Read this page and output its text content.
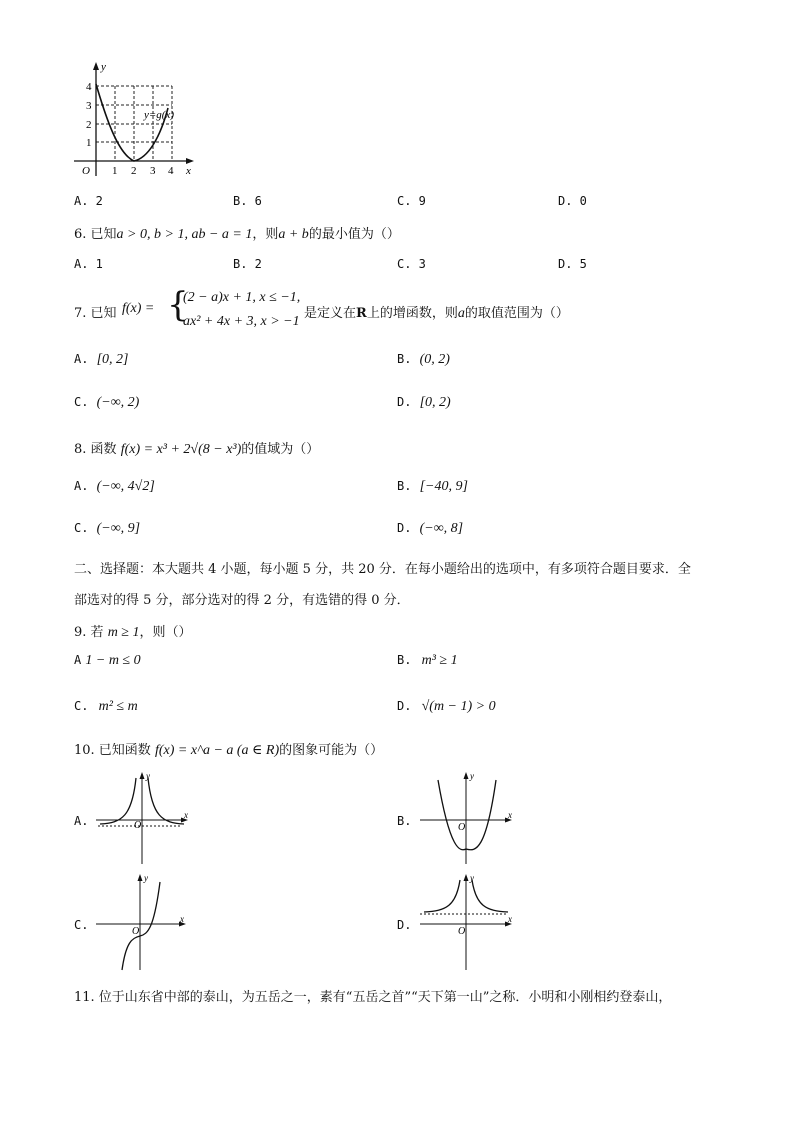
y
x
O
y=g(x)
1
2
3
4
1 2 3 4
A. 2	B. 6	C. 9	D. 0
6. 已知a > 0, b > 1, ab − a = 1，则a + b的最小值为（）
A. 1	B. 2	C. 3	D. 5
7. 已知 f(x) = {
(2 − a)x + 1, x ≤ −1,
ax² + 4x + 3, x > −1
是定义在R上的增函数，则a的取值范围为（）
A. [0, 2]	B. (0, 2)
C. (−∞, 2)	D. [0, 2)
8. 函数 f(x) = x³ + 2√(8 − x³)的值域为（）
A. (−∞, 4√2]	B. [−40, 9]
C. (−∞, 9]	D. (−∞, 8]
二、选择题：本大题共 4 小题，每小题 5 分，共 20 分．在每小题给出的选项中，有多项符合题目要求．全
部选对的得 5 分，部分选对的得 2 分，有选错的得 0 分．
9. 若 m ≥ 1，则（）
A 1 − m ≤ 0	B. m³ ≥ 1
C. m² ≤ m	D. √(m − 1) > 0
10. 已知函数 f(x) = x^a − a (a ∈ R)的图象可能为（）
A.
y
x
O	B.
y
x
O
C.
y
x
O	D.
y
x
O
11. 位于山东省中部的泰山，为五岳之一，素有“五岳之首”“天下第一山”之称．小明和小刚相约登泰山，
